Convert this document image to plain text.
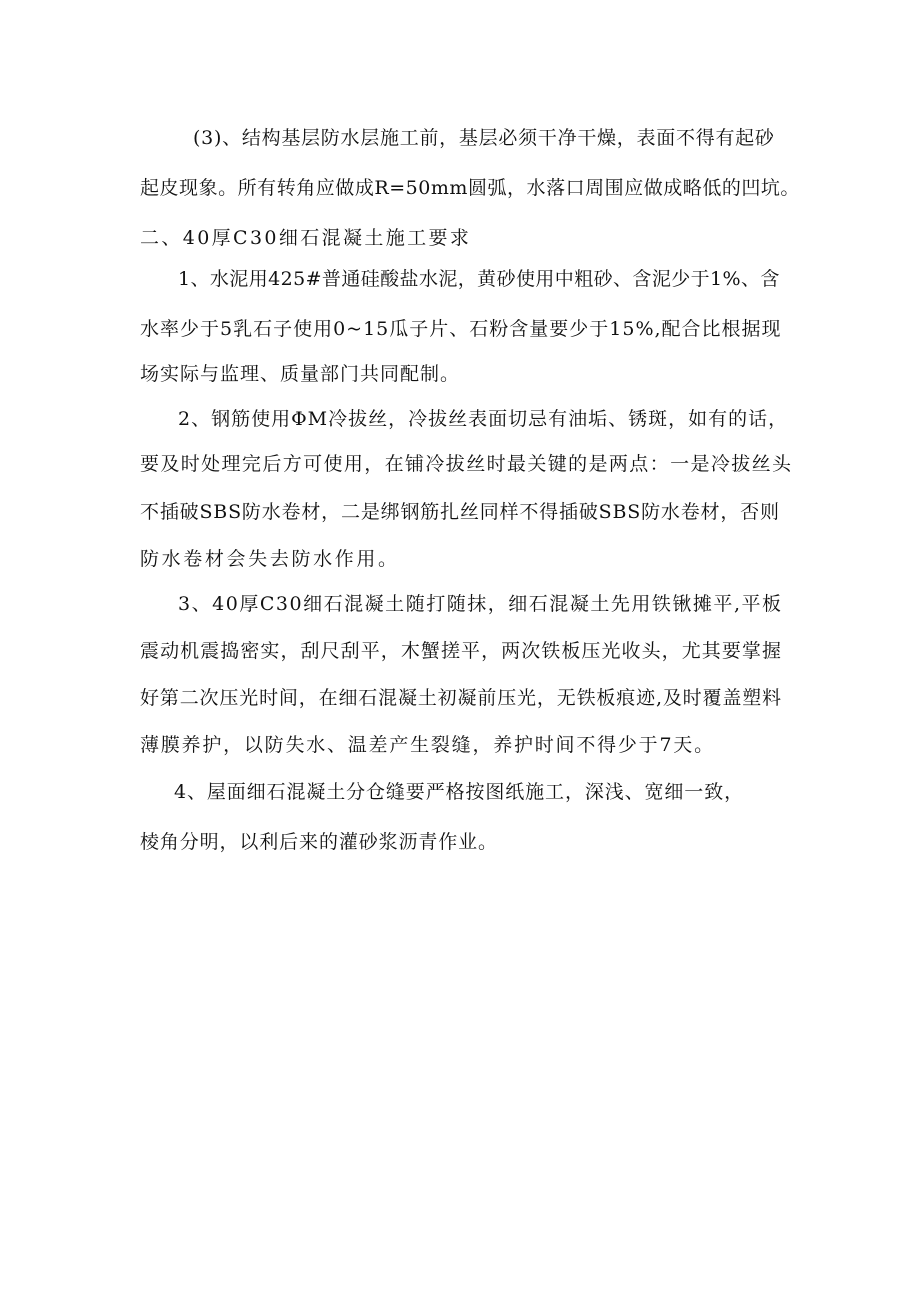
(3)、结构基层防水层施工前，基层必须干净干燥，表面不得有起砂
起皮现象。所有转角应做成R=50mm圆弧，水落口周围应做成略低的凹坑。
二、40厚C30细石混凝土施工要求
1、水泥用425#普通硅酸盐水泥，黄砂使用中粗砂、含泥少于1%、含
水率少于5乳石子使用0~15瓜子片、石粉含量要少于15%,配合比根据现
场实际与监理、质量部门共同配制。
2、钢筋使用ΦM冷拔丝，冷拔丝表面切忌有油垢、锈斑，如有的话，
要及时处理完后方可使用，在铺冷拔丝时最关键的是两点：一是冷拔丝头
不插破SBS防水卷材，二是绑钢筋扎丝同样不得插破SBS防水卷材，否则
防水卷材会失去防水作用。
3、40厚C30细石混凝土随打随抹，细石混凝土先用铁锹摊平,平板
震动机震捣密实，刮尺刮平，木蟹搓平，两次铁板压光收头，尤其要掌握
好第二次压光时间，在细石混凝土初凝前压光，无铁板痕迹,及时覆盖塑料
薄膜养护，以防失水、温差产生裂缝，养护时间不得少于7天。
4、屋面细石混凝土分仓缝要严格按图纸施工，深浅、宽细一致，
棱角分明，以利后来的灌砂浆沥青作业。
